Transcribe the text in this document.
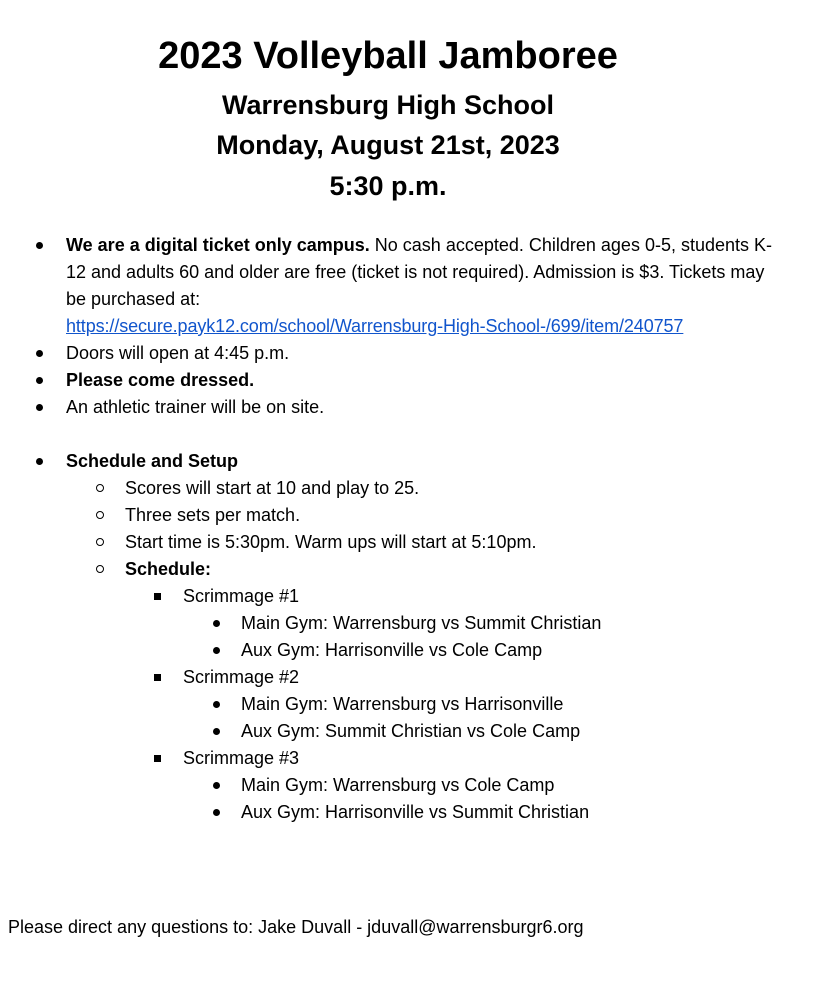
2023 Volleyball Jamboree
Warrensburg High School
Monday, August 21st, 2023
5:30 p.m.
We are a digital ticket only campus. No cash accepted. Children ages 0-5, students K-12 and adults 60 and older are free (ticket is not required). Admission is $3. Tickets may be purchased at:
https://secure.payk12.com/school/Warrensburg-High-School-/699/item/240757
Doors will open at 4:45 p.m.
Please come dressed.
An athletic trainer will be on site.
Schedule and Setup
Scores will start at 10 and play to 25.
Three sets per match.
Start time is 5:30pm. Warm ups will start at 5:10pm.
Schedule:
Scrimmage #1
Main Gym: Warrensburg vs Summit Christian
Aux Gym: Harrisonville vs Cole Camp
Scrimmage #2
Main Gym: Warrensburg vs Harrisonville
Aux Gym: Summit Christian vs Cole Camp
Scrimmage #3
Main Gym: Warrensburg vs Cole Camp
Aux Gym: Harrisonville vs Summit Christian
Please direct any questions to: Jake Duvall - jduvall@warrensburgr6.org
